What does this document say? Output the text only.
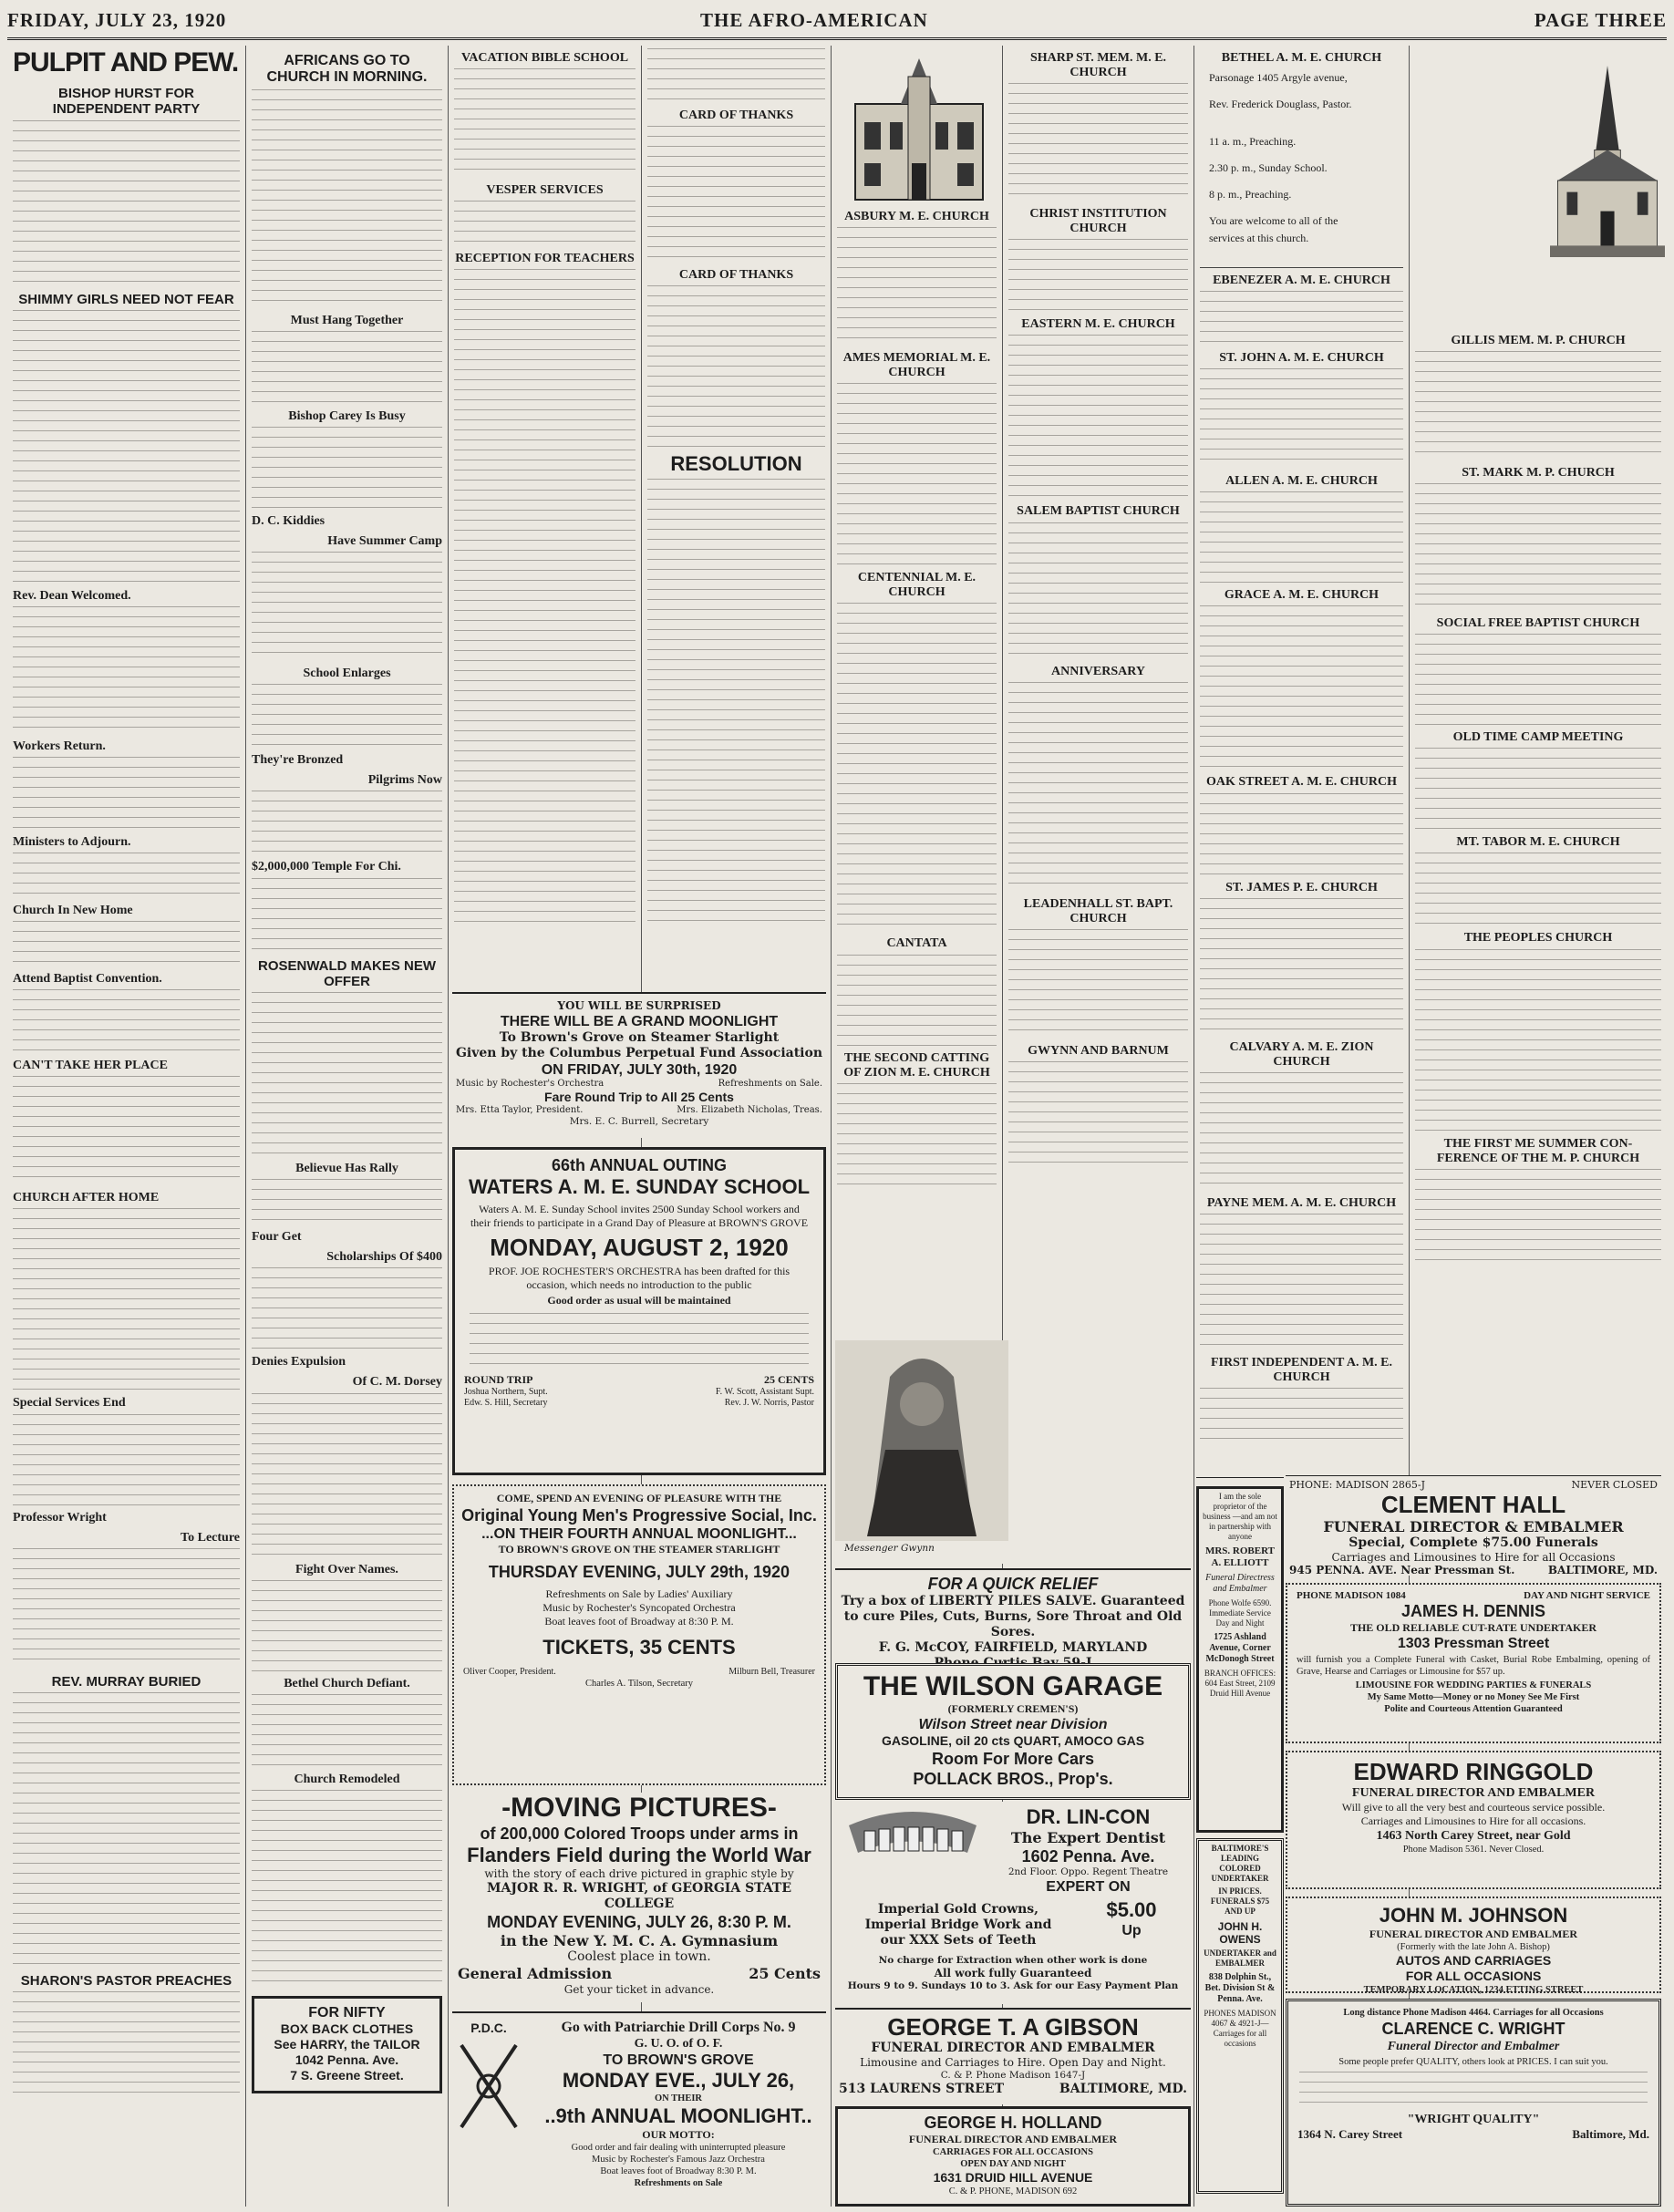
FRIDAY, JULY 23, 1920	THE AFRO-AMERICAN	PAGE THREE
PULPIT AND PEW.
BISHOP HURST FOR INDEPENDENT PARTY
SHIMMY GIRLS NEED NOT FEAR
Rev. Dean Welcomed.
Workers Return.
Ministers to Adjourn.
Church In New Home
Attend Baptist Convention.
CAN'T TAKE HER PLACE
CHURCH AFTER HOME
Special Services End
Professor Wright
To Lecture
REV. MURRAY BURIED
SHARON'S PASTOR PREACHES
AFRICANS GO TO CHURCH IN MORNING.
Must Hang Together
Bishop Carey Is Busy
D. C. Kiddies
Have Summer Camp
School Enlarges
They're Bronzed
Pilgrims Now
$2,000,000 Temple For Chi.
ROSENWALD MAKES NEW OFFER
Believue Has Rally
Four Get
Scholarships Of $400
Denies Expulsion
Of C. M. Dorsey
Fight Over Names.
Bethel Church Defiant.
Church Remodeled
FOR NIFTY
BOX BACK CLOTHES
See HARRY, the TAILOR
1042 Penna. Ave.
7 S. Greene Street.
VACATION BIBLE SCHOOL
VESPER SERVICES
RECEPTION FOR TEACHERS
CARD OF THANKS
CARD OF THANKS
RESOLUTION
ASBURY M. E. CHURCH
AMES MEMORIAL M. E. CHURCH
CENTENNIAL M. E. CHURCH
CANTATA
THE SECOND CATTING OF ZION M. E. CHURCH
SHARP ST. MEM. M. E. CHURCH
CHRIST INSTITUTION CHURCH
EASTERN M. E. CHURCH
SALEM BAPTIST CHURCH
ANNIVERSARY
LEADENHALL ST. BAPT. CHURCH
GWYNN AND BARNUM
Messenger Gwynn
YOU WILL BE SURPRISED
THERE WILL BE A GRAND MOONLIGHT
To Brown's Grove on Steamer Starlight
Given by the Columbus Perpetual Fund Association
ON FRIDAY, JULY 30th, 1920
Music by Rochester's Orchestra	Refreshments on Sale.
Fare Round Trip to All 25 Cents
Mrs. Etta Taylor, President.	Mrs. Elizabeth Nicholas, Treas.
Mrs. E. C. Burrell, Secretary
66th ANNUAL OUTING
WATERS A. M. E. SUNDAY SCHOOL
Waters A. M. E. Sunday School invites 2500 Sunday School workers and their friends to participate in a Grand Day of Pleasure at BROWN'S GROVE
MONDAY, AUGUST 2, 1920
PROF. JOE ROCHESTER'S ORCHESTRA has been drafted for this occasion, which needs no introduction to the public
Good order as usual will be maintained
ROUND TRIP	25 CENTS
Joshua Northern, Supt.	F. W. Scott, Assistant Supt.
Edw. S. Hill, Secretary	Rev. J. W. Norris, Pastor
COME, SPEND AN EVENING OF PLEASURE WITH THE
Original Young Men's Progressive Social, Inc.
...ON THEIR FOURTH ANNUAL MOONLIGHT...
TO BROWN'S GROVE ON THE STEAMER STARLIGHT
THURSDAY EVENING, JULY 29th, 1920
Refreshments on Sale by Ladies' Auxiliary
Music by Rochester's Syncopated Orchestra
Boat leaves foot of Broadway at 8:30 P. M.
TICKETS, 35 CENTS
Oliver Cooper, President.	Milburn Bell, Treasurer
Charles A. Tilson, Secretary
-MOVING PICTURES-
of 200,000 Colored Troops under arms in
Flanders Field during the World War
with the story of each drive pictured in graphic style by
MAJOR R. R. WRIGHT, of GEORGIA STATE COLLEGE
MONDAY EVENING, JULY 26, 8:30 P. M.
in the New Y. M. C. A. Gymnasium
Coolest place in town.
General Admission	25 Cents
Get your ticket in advance.
P.D.C.	Go with Patriarchie Drill Corps No. 9
G. U. O. of O. F.
TO BROWN'S GROVE
MONDAY EVE., JULY 26,
ON THEIR
..9th ANNUAL MOONLIGHT..
OUR MOTTO:
Good order and fair dealing with uninterrupted pleasure
Music by Rochester's Famous Jazz Orchestra
Boat leaves foot of Broadway 8:30 P. M.
Refreshments on Sale
FOR A QUICK RELIEF
Try a box of LIBERTY PILES SALVE. Guaranteed
to cure Piles, Cuts, Burns, Sore Throat and Old Sores.
F. G. McCOY, FAIRFIELD, MARYLAND
THE WILSON GARAGE
(FORMERLY CREMEN'S)
Wilson Street near Division
GASOLINE, oil 20 cts QUART, AMOCO GAS
Room For More Cars
POLLACK BROS., Prop's.
DR. LIN-CON
The Expert Dentist
1602 Penna. Ave.
2nd Floor. Oppo. Regent Theatre
EXPERT ON
Imperial Gold Crowns,
Imperial Bridge Work and
our XXX Sets of Teeth
$5.00
Up
No charge for Extraction when other work is done
All work fully Guaranteed
Hours 9 to 9. Sundays 10 to 3. Ask for our Easy Payment Plan
GEORGE T. A GIBSON
FUNERAL DIRECTOR AND EMBALMER
Limousine and Carriages to Hire. Open Day and Night.
C. & P. Phone Madison 1647-J
513 LAURENS STREET	BALTIMORE, MD.
GEORGE H. HOLLAND
FUNERAL DIRECTOR AND EMBALMER
CARRIAGES FOR ALL OCCASIONS
OPEN DAY AND NIGHT
1631 DRUID HILL AVENUE
C. & P. PHONE, MADISON 692
BETHEL A. M. E. CHURCH
Parsonage 1405 Argyle avenue,
Rev. Frederick Douglass, Pastor.
11 a. m., Preaching.
2.30 p. m., Sunday School.
8 p. m., Preaching.
You are welcome to all of the
services at this church.
EBENEZER A. M. E. CHURCH
ST. JOHN A. M. E. CHURCH
ALLEN A. M. E. CHURCH
GRACE A. M. E. CHURCH
OAK STREET A. M. E. CHURCH
ST. JAMES P. E. CHURCH
CALVARY A. M. E. ZION CHURCH
PAYNE MEM. A. M. E. CHURCH
FIRST INDEPENDENT A. M. E. CHURCH
GILLIS MEM. M. P. CHURCH
ST. MARK M. P. CHURCH
SOCIAL FREE BAPTIST CHURCH
OLD TIME CAMP MEETING
MT. TABOR M. E. CHURCH
THE PEOPLES CHURCH
THE FIRST ME SUMMER CON-FERENCE OF THE M. P. CHURCH
PHONE: MADISON 2865-J	NEVER CLOSED
CLEMENT HALL
FUNERAL DIRECTOR & EMBALMER
Special, Complete $75.00 Funerals
Carriages and Limousines to Hire for all Occasions
945 PENNA. AVE. Near Pressman St.	BALTIMORE, MD.
PHONE MADISON 1084	DAY AND NIGHT SERVICE
JAMES H. DENNIS
THE OLD RELIABLE CUT-RATE UNDERTAKER
1303 Pressman Street
will furnish you a Complete Funeral with Casket, Burial Robe Embalming, opening of Grave, Hearse and Carriages or Limousine for $57 up.
LIMOUSINE FOR WEDDING PARTIES & FUNERALS
My Same Motto—Money or no Money See Me First
Polite and Courteous Attention Guaranteed
EDWARD RINGGOLD
FUNERAL DIRECTOR AND EMBALMER
Will give to all the very best and courteous service possible.
Carriages and Limousines to Hire for all occasions.
1463 North Carey Street, near Gold
Phone Madison 5361. Never Closed.
JOHN M. JOHNSON
FUNERAL DIRECTOR AND EMBALMER
(Formerly with the late John A. Bishop)
AUTOS AND CARRIAGES
FOR ALL OCCASIONS
TEMPORARY LOCATION, 1234 ETTING STREET
Long distance Phone Madison 4464. Carriages for all Occasions
CLARENCE C. WRIGHT
Funeral Director and Embalmer
Some people prefer QUALITY, others look at PRICES. I can suit you.
"WRIGHT QUALITY"
1364 N. Carey Street	Baltimore, Md.
I am the sole proprietor of the business —and am not in partnership with anyone
MRS. ROBERT A. ELLIOTT
Funeral Directress and Embalmer
Phone Wolfe 6590. Immediate Service Day and Night
1725 Ashland Avenue, Corner McDonogh Street
BRANCH OFFICES: 604 East Street, 2109 Druid Hill Avenue
BALTIMORE'S LEADING COLORED UNDERTAKER
IN PRICES. FUNERALS $75 AND UP
JOHN H. OWENS
UNDERTAKER and EMBALMER
838 Dolphin St., Bet. Division St & Penna. Ave.
PHONES MADISON 4067 & 4921-J—Carriages for all occasions
